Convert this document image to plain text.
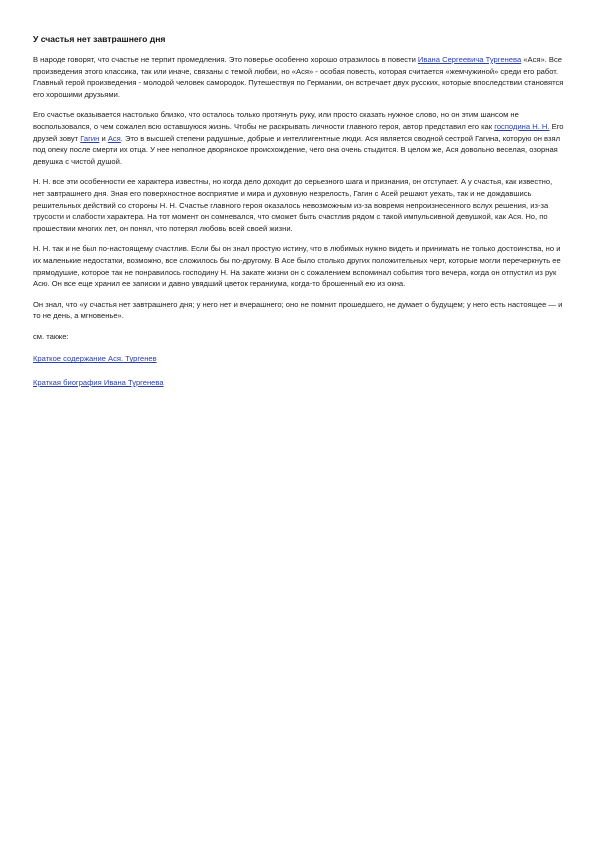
У счастья нет завтрашнего дня

В народе говорят, что счастье не терпит промедления. Это поверье особенно хорошо отразилось в повести Ивана Сергеевича Тургенева «Ася». Все произведения этого классика, так или иначе, связаны с темой любви, но «Ася» - особая повесть, которая считается «жемчужиной» среди его работ. Главный герой произведения - молодой человек самородок. Путешествуя по Германии, он встречает двух русских, которые впоследствии становятся его хорошими друзьями.

Его счастье оказывается настолько близко, что осталось только протянуть руку, или просто сказать нужное слово, но он этим шансом не воспользовался, о чем сожалел всю оставшуюся жизнь. Чтобы не раскрывать личности главного героя, автор представил его как господина Н. Н. Его друзей зовут Гагин и Ася. Это в высшей степени радушные, добрые и интеллигентные люди. Ася является сводной сестрой Гагина, которую он взял под опеку после смерти их отца. У нее неполное дворянское происхождение, чего она очень стыдится. В целом же, Ася довольно веселая, озорная девушка с чистой душой.

Н. Н. все эти особенности ее характера известны, но когда дело доходит до серьезного шага и признания, он отступает. А у счастья, как известно, нет завтрашнего дня. Зная его поверхностное восприятие и мира и духовную незрелость, Гагин с Асей решают уехать, так и не дождавшись решительных действий со стороны Н. Н. Счастье главного героя оказалось невозможным из-за вовремя непроизнесенного вслух решения, из-за трусости и слабости характера. На тот момент он сомневался, что сможет быть счастлив рядом с такой импульсивной девушкой, как Ася. Но, по прошествии многих лет, он понял, что потерял любовь всей своей жизни.

Н. Н. так и не был по-настоящему счастлив. Если бы он знал простую истину, что в любимых нужно видеть и принимать не только достоинства, но и их маленькие недостатки, возможно, все сложилось бы по-другому. В Асе было столько других положительных черт, которые могли перечеркнуть ее прямодушие, которое так не понравилось господину Н. На закате жизни он с сожалением вспоминал события того вечера, когда он отпустил из рук Асю. Он все еще хранил ее записки и давно увядший цветок гераниума, когда-то брошенный ею из окна.

Он знал, что «у счастья нет завтрашнего дня; у него нет и вчерашнего; оно не помнит прошедшего, не думает о будущем; у него есть настоящее — и то не день, а мгновенье».

см. также:

Краткое содержание Ася. Тургенев

Краткая биография Ивана Тургенева
